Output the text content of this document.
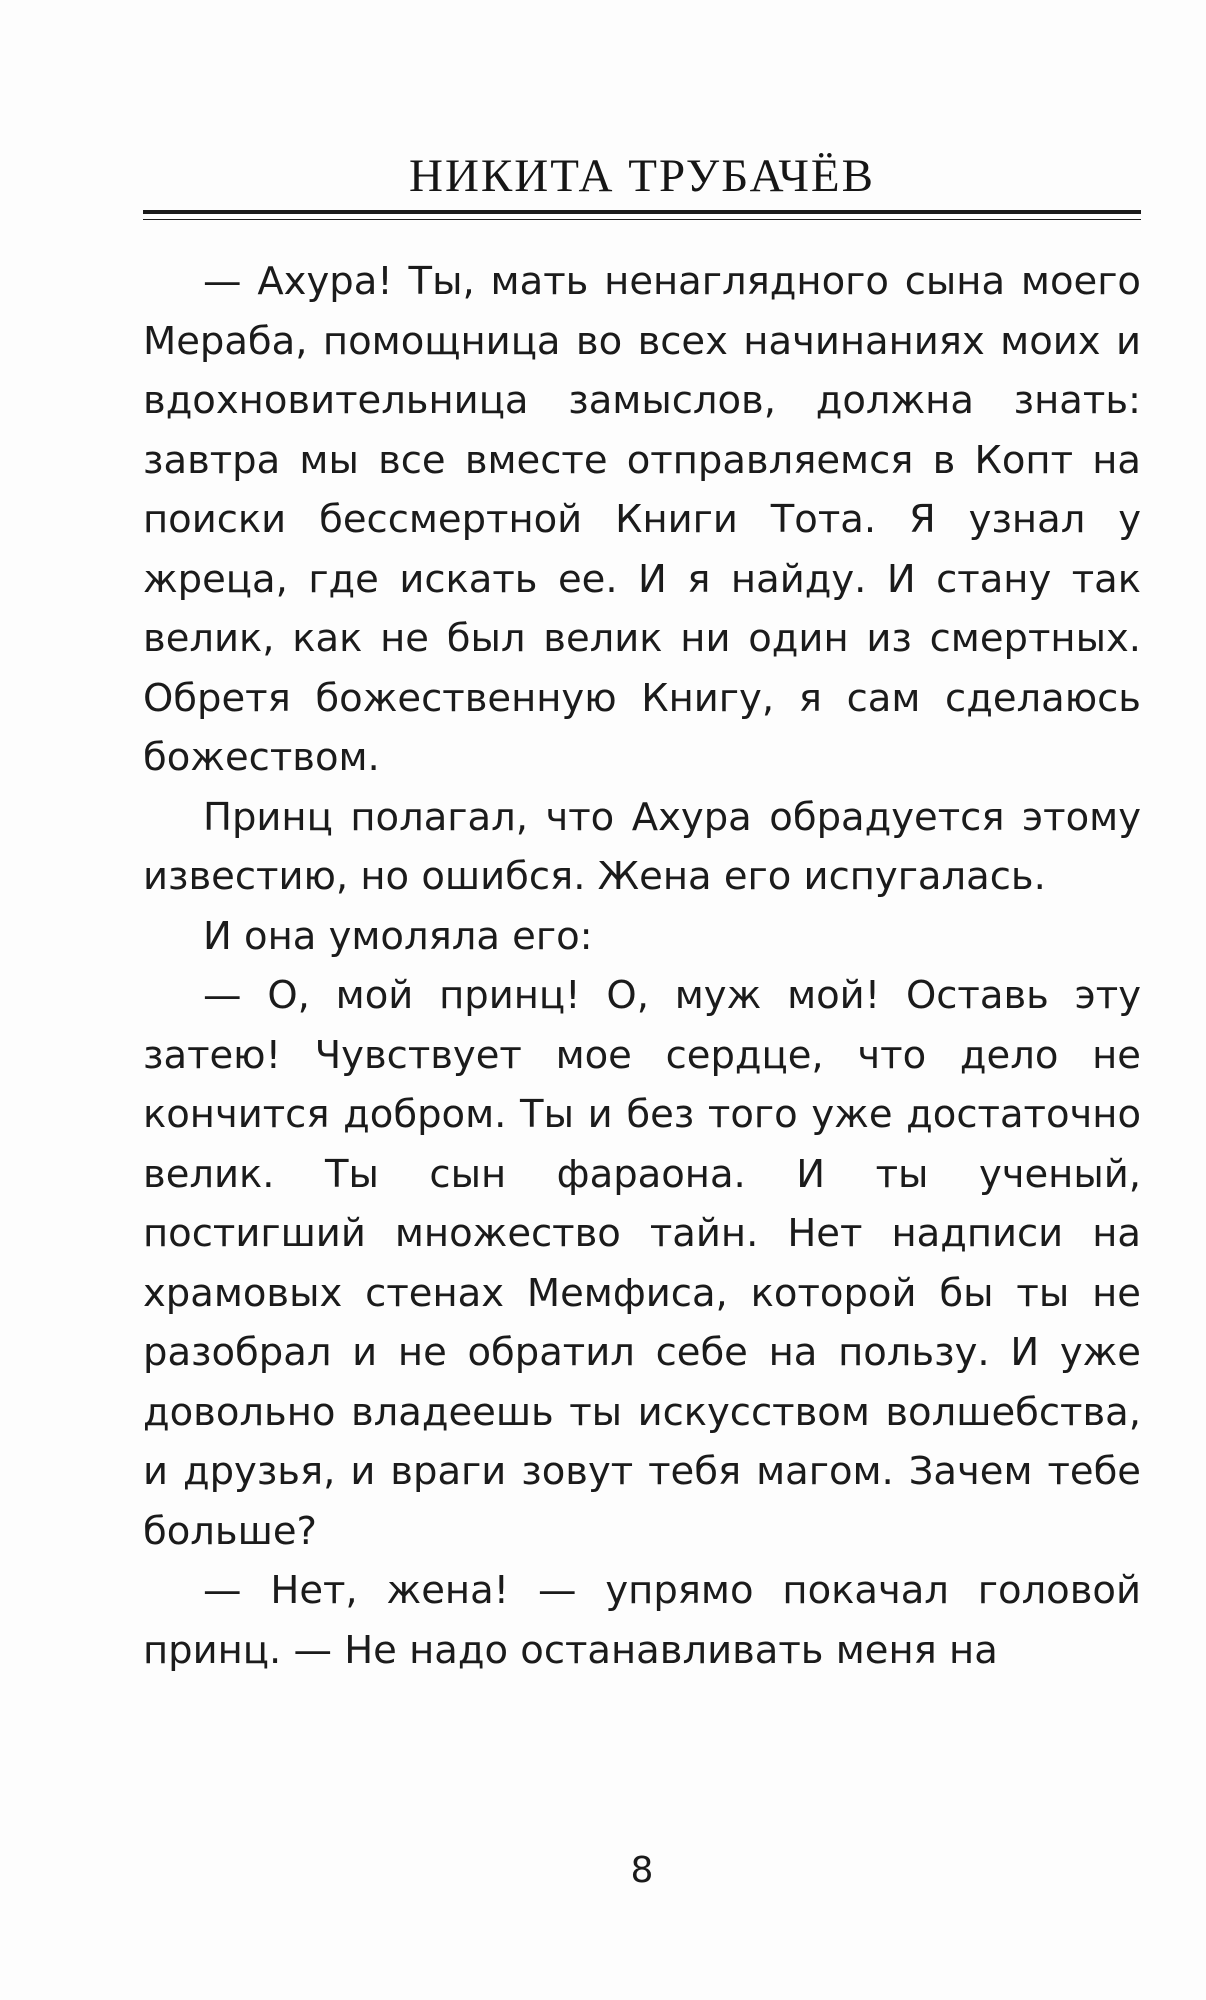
НИКИТА ТРУБАЧЁВ

— Ахура! Ты, мать ненаглядного сына моего Мераба, помощница во всех начинаниях моих и вдохновительница замыслов, должна знать: завтра мы все вместе отправляемся в Копт на поиски бессмертной Книги Тота. Я узнал у жреца, где искать ее. И я найду. И стану так велик, как не был велик ни один из смертных. Обретя божественную Книгу, я сам сделаюсь божеством.

Принц полагал, что Ахура обрадуется этому известию, но ошибся. Жена его испугалась.

И она умоляла его:

— О, мой принц! О, муж мой! Оставь эту затею! Чувствует мое сердце, что дело не кончится добром. Ты и без того уже достаточно велик. Ты сын фараона. И ты ученый, постигший множество тайн. Нет надписи на храмовых стенах Мемфиса, которой бы ты не разобрал и не обратил себе на пользу. И уже довольно владеешь ты искусством волшебства, и друзья, и враги зовут тебя магом. Зачем тебе больше?

— Нет, жена! — упрямо покачал головой принц. — Не надо останавливать меня на

8
